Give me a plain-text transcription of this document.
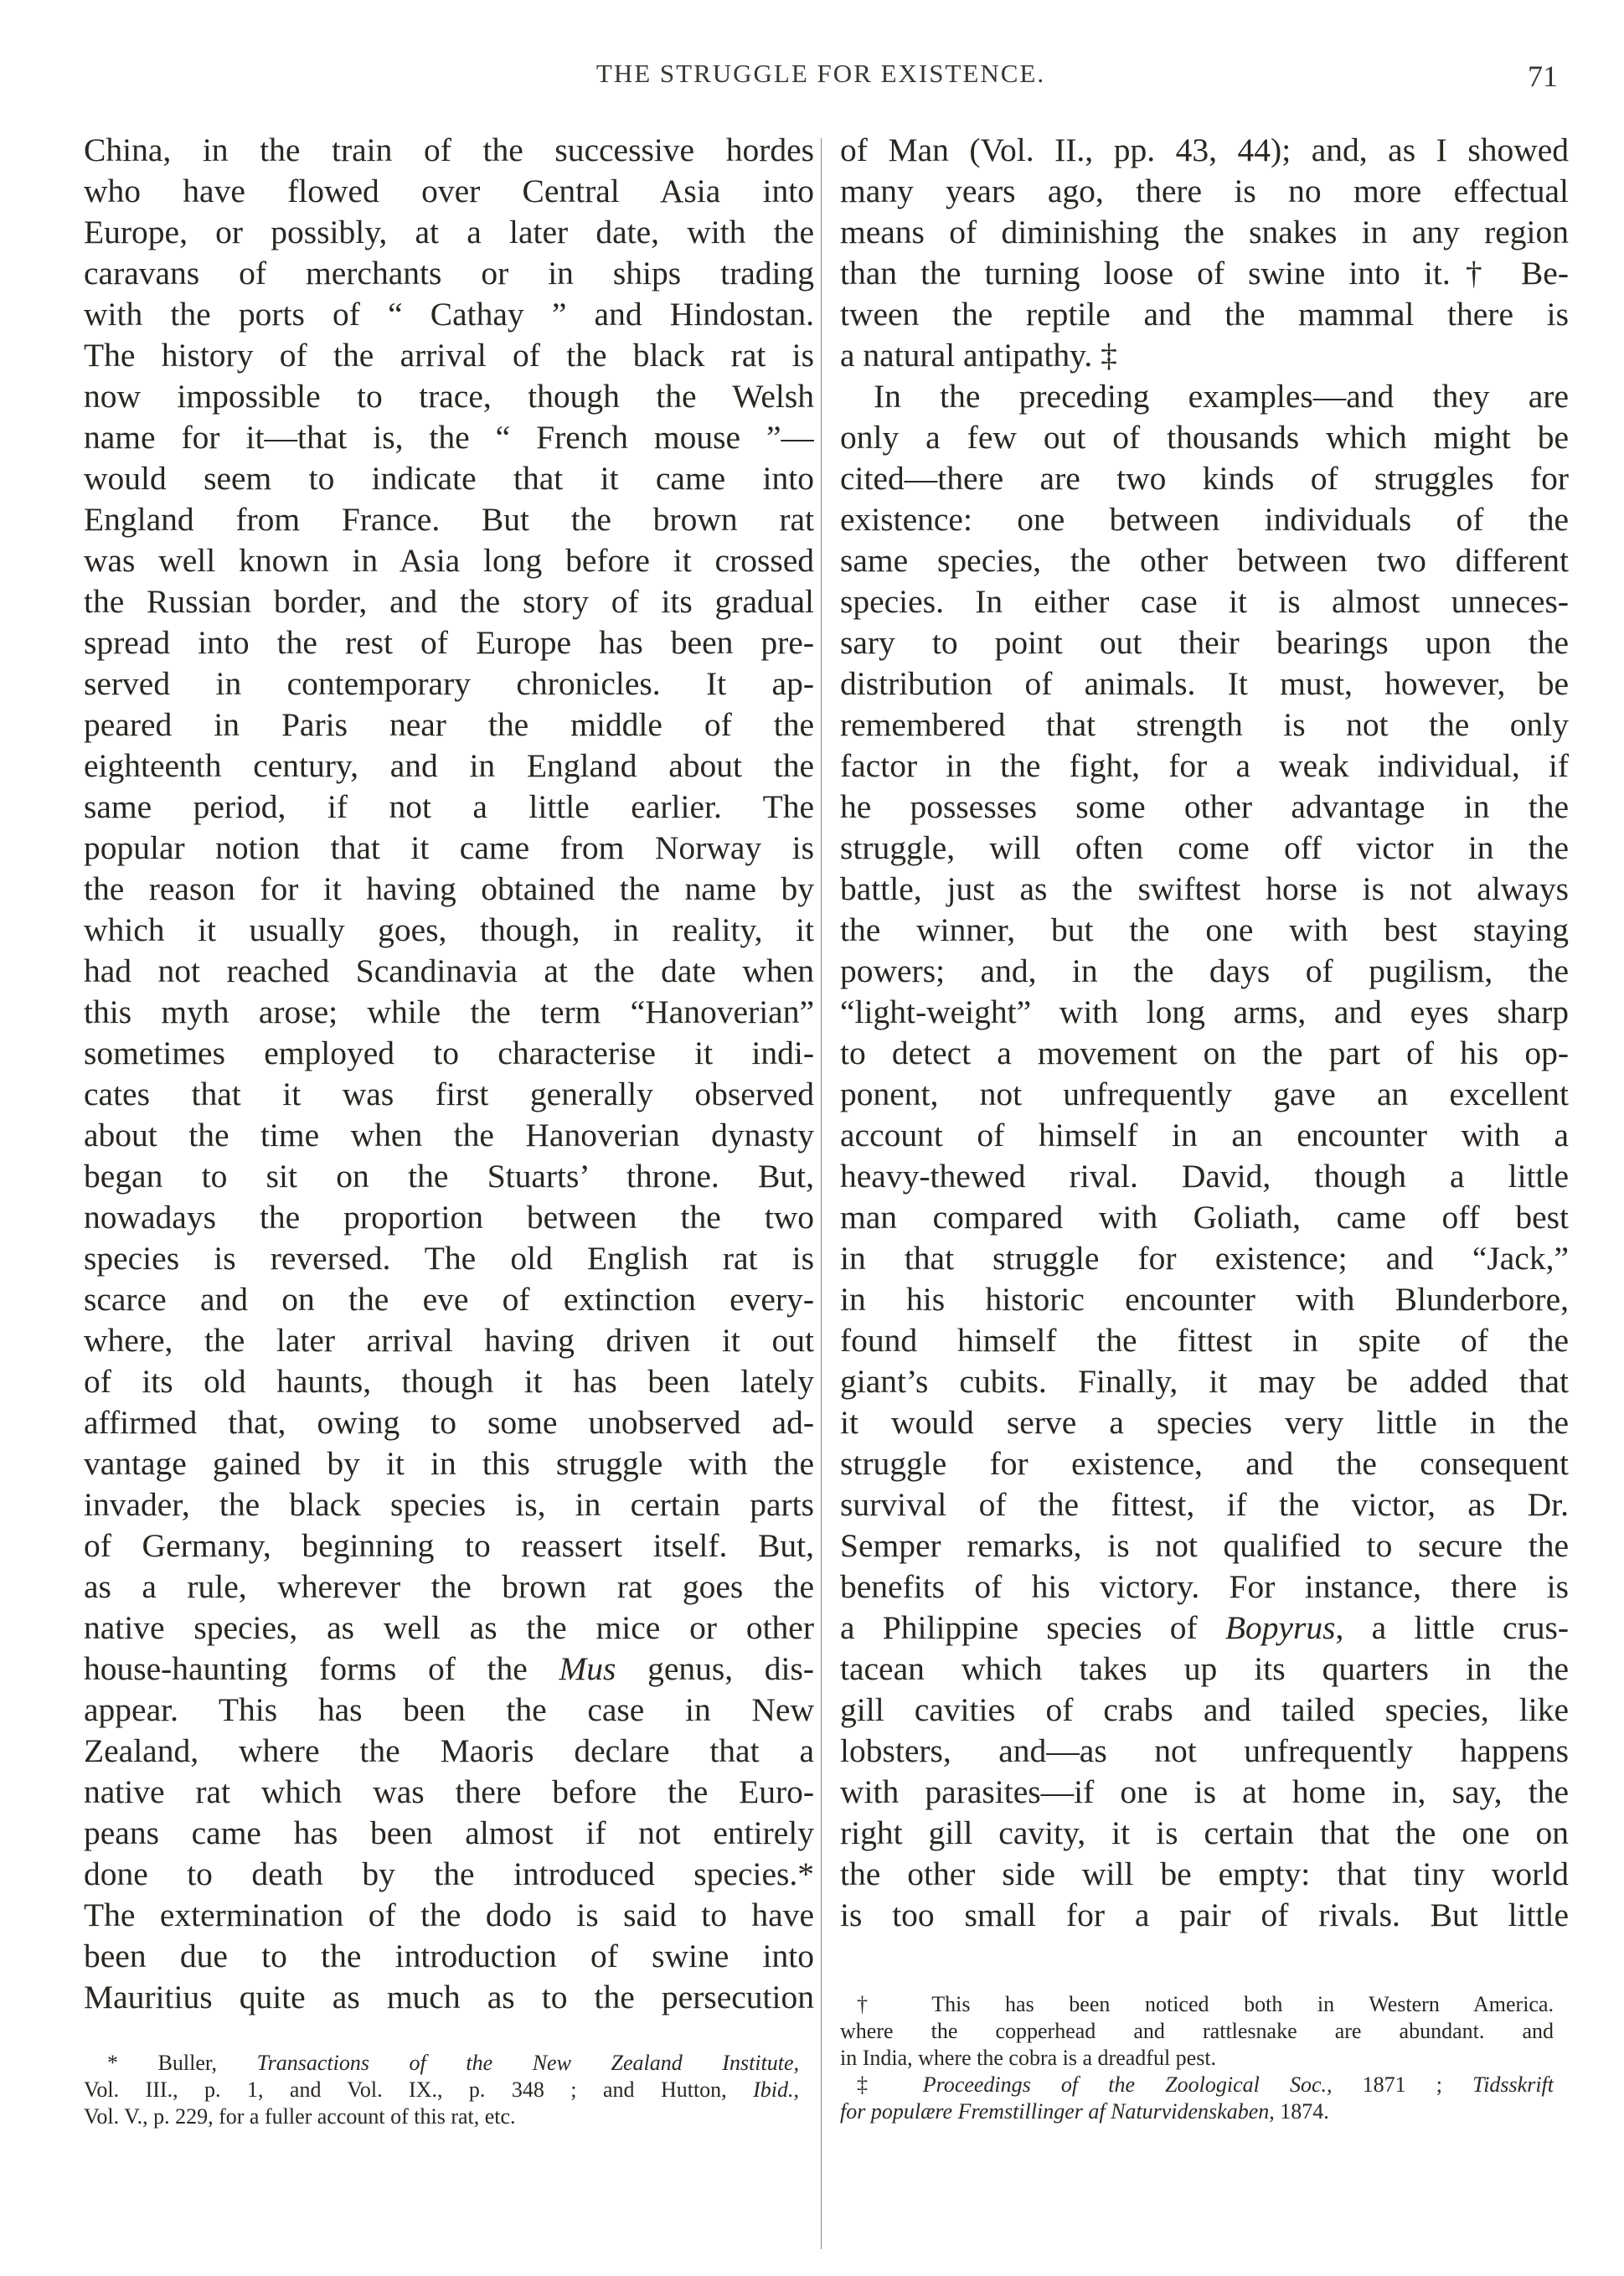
THE STRUGGLE FOR EXISTENCE.	71
China, in the train of the successive hordes
who have flowed over Central Asia into
Europe, or possibly, at a later date, with the
caravans of merchants or in ships trading
with the ports of “ Cathay ” and Hindostan.
The history of the arrival of the black rat is
now impossible to trace, though the Welsh
name for it—that is, the “ French mouse ”—
would seem to indicate that it came into
England from France. But the brown rat
was well known in Asia long before it crossed
the Russian border, and the story of its gradual
spread into the rest of Europe has been pre-
served in contemporary chronicles. It ap-
peared in Paris near the middle of the
eighteenth century, and in England about the
same period, if not a little earlier. The
popular notion that it came from Norway is
the reason for it having obtained the name by
which it usually goes, though, in reality, it
had not reached Scandinavia at the date when
this myth arose; while the term “Hanoverian”
sometimes employed to characterise it indi-
cates that it was first generally observed
about the time when the Hanoverian dynasty
began to sit on the Stuarts’ throne. But,
nowadays the proportion between the two
species is reversed. The old English rat is
scarce and on the eve of extinction every-
where, the later arrival having driven it out
of its old haunts, though it has been lately
affirmed that, owing to some unobserved ad-
vantage gained by it in this struggle with the
invader, the black species is, in certain parts
of Germany, beginning to reassert itself. But,
as a rule, wherever the brown rat goes the
native species, as well as the mice or other
house-haunting forms of the Mus genus, dis-
appear. This has been the case in New
Zealand, where the Maoris declare that a
native rat which was there before the Euro-
peans came has been almost if not entirely
done to death by the introduced species.*
The extermination of the dodo is said to have
been due to the introduction of swine into
Mauritius quite as much as to the persecution
of Man (Vol. II., pp. 43, 44); and, as I showed
many years ago, there is no more effectual
means of diminishing the snakes in any region
than the turning loose of swine into it.† Be-
tween the reptile and the mammal there is
a natural antipathy. ‡
In the preceding examples—and they are
only a few out of thousands which might be
cited—there are two kinds of struggles for
existence: one between individuals of the
same species, the other between two different
species. In either case it is almost unneces-
sary to point out their bearings upon the
distribution of animals. It must, however, be
remembered that strength is not the only
factor in the fight, for a weak individual, if
he possesses some other advantage in the
struggle, will often come off victor in the
battle, just as the swiftest horse is not always
the winner, but the one with best staying
powers; and, in the days of pugilism, the
“light-weight” with long arms, and eyes sharp
to detect a movement on the part of his op-
ponent, not unfrequently gave an excellent
account of himself in an encounter with a
heavy-thewed rival. David, though a little
man compared with Goliath, came off best
in that struggle for existence; and “Jack,”
in his historic encounter with Blunderbore,
found himself the fittest in spite of the
giant’s cubits. Finally, it may be added that
it would serve a species very little in the
struggle for existence, and the consequent
survival of the fittest, if the victor, as Dr.
Semper remarks, is not qualified to secure the
benefits of his victory. For instance, there is
a Philippine species of Bopyrus, a little crus-
tacean which takes up its quarters in the
gill cavities of crabs and tailed species, like
lobsters, and—as not unfrequently happens
with parasites—if one is at home in, say, the
right gill cavity, it is certain that the one on
the other side will be empty: that tiny world
is too small for a pair of rivals. But little
* Buller, Transactions of the New Zealand Institute,
Vol. III., p. 1, and Vol. IX., p. 348 ; and Hutton, Ibid.,
Vol. V., p. 229, for a fuller account of this rat, etc.
† This has been noticed both in Western America.
where the copperhead and rattlesnake are abundant. and
in India, where the cobra is a dreadful pest.
‡ Proceedings of the Zoological Soc., 1871 ; Tidsskrift
for populære Fremstillinger af Naturvidenskaben, 1874.
